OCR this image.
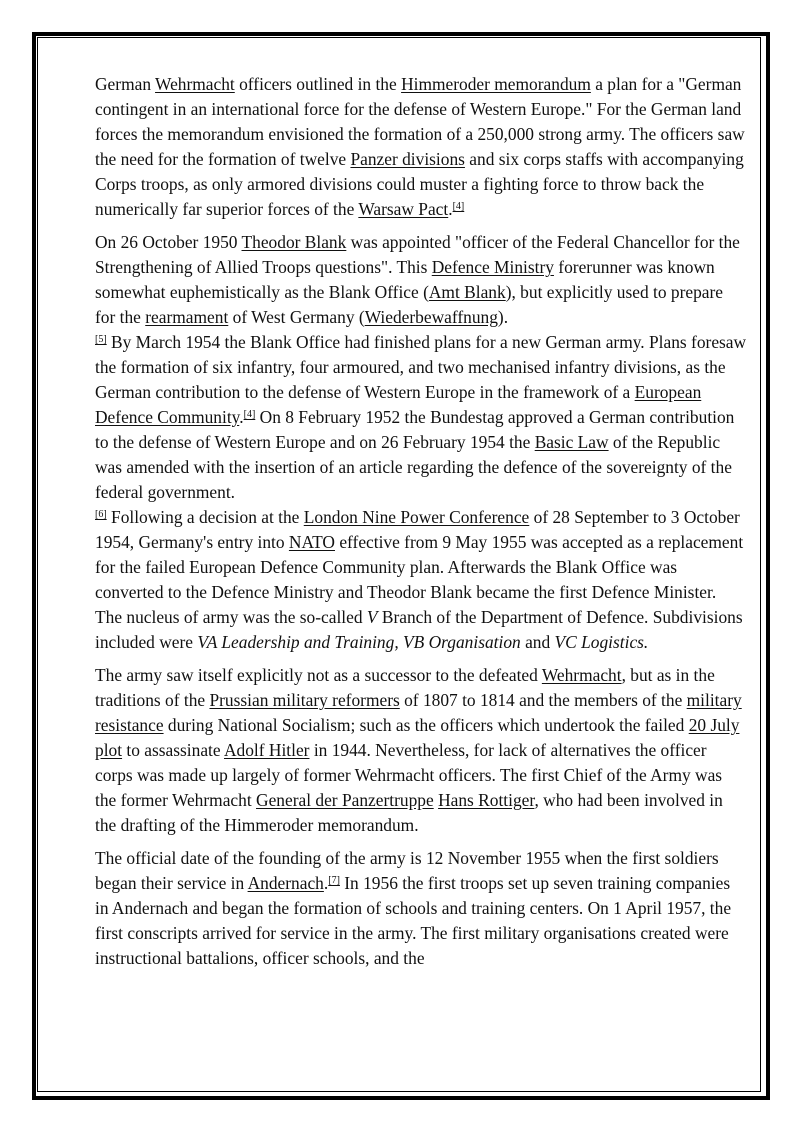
German Wehrmacht officers outlined in the Himmeroder memorandum a plan for a "German contingent in an international force for the defense of Western Europe." For the German land forces the memorandum envisioned the formation of a 250,000 strong army. The officers saw the need for the formation of twelve Panzer divisions and six corps staffs with accompanying Corps troops, as only armored divisions could muster a fighting force to throw back the numerically far superior forces of the Warsaw Pact.[4]

On 26 October 1950 Theodor Blank was appointed "officer of the Federal Chancellor for the Strengthening of Allied Troops questions". This Defence Ministry forerunner was known somewhat euphemistically as the Blank Office (Amt Blank), but explicitly used to prepare for the rearmament of West Germany (Wiederbewaffnung).
[5] By March 1954 the Blank Office had finished plans for a new German army. Plans foresaw the formation of six infantry, four armoured, and two mechanised infantry divisions, as the German contribution to the defense of Western Europe in the framework of a European Defence Community.[4] On 8 February 1952 the Bundestag approved a German contribution to the defense of Western Europe and on 26 February 1954 the Basic Law of the Republic was amended with the insertion of an article regarding the defence of the sovereignty of the federal government.
[6] Following a decision at the London Nine Power Conference of 28 September to 3 October 1954, Germany's entry into NATO effective from 9 May 1955 was accepted as a replacement for the failed European Defence Community plan. Afterwards the Blank Office was converted to the Defence Ministry and Theodor Blank became the first Defence Minister. The nucleus of army was the so-called V Branch of the Department of Defence. Subdivisions included were VA Leadership and Training, VB Organisation and VC Logistics.

The army saw itself explicitly not as a successor to the defeated Wehrmacht, but as in the traditions of the Prussian military reformers of 1807 to 1814 and the members of the military resistance during National Socialism; such as the officers which undertook the failed 20 July plot to assassinate Adolf Hitler in 1944. Nevertheless, for lack of alternatives the officer corps was made up largely of former Wehrmacht officers. The first Chief of the Army was the former Wehrmacht General der Panzertruppe Hans Rottiger, who had been involved in the drafting of the Himmeroder memorandum.

The official date of the founding of the army is 12 November 1955 when the first soldiers began their service in Andernach.[7] In 1956 the first troops set up seven training companies in Andernach and began the formation of schools and training centers. On 1 April 1957, the first conscripts arrived for service in the army. The first military organisations created were instructional battalions, officer schools, and the
